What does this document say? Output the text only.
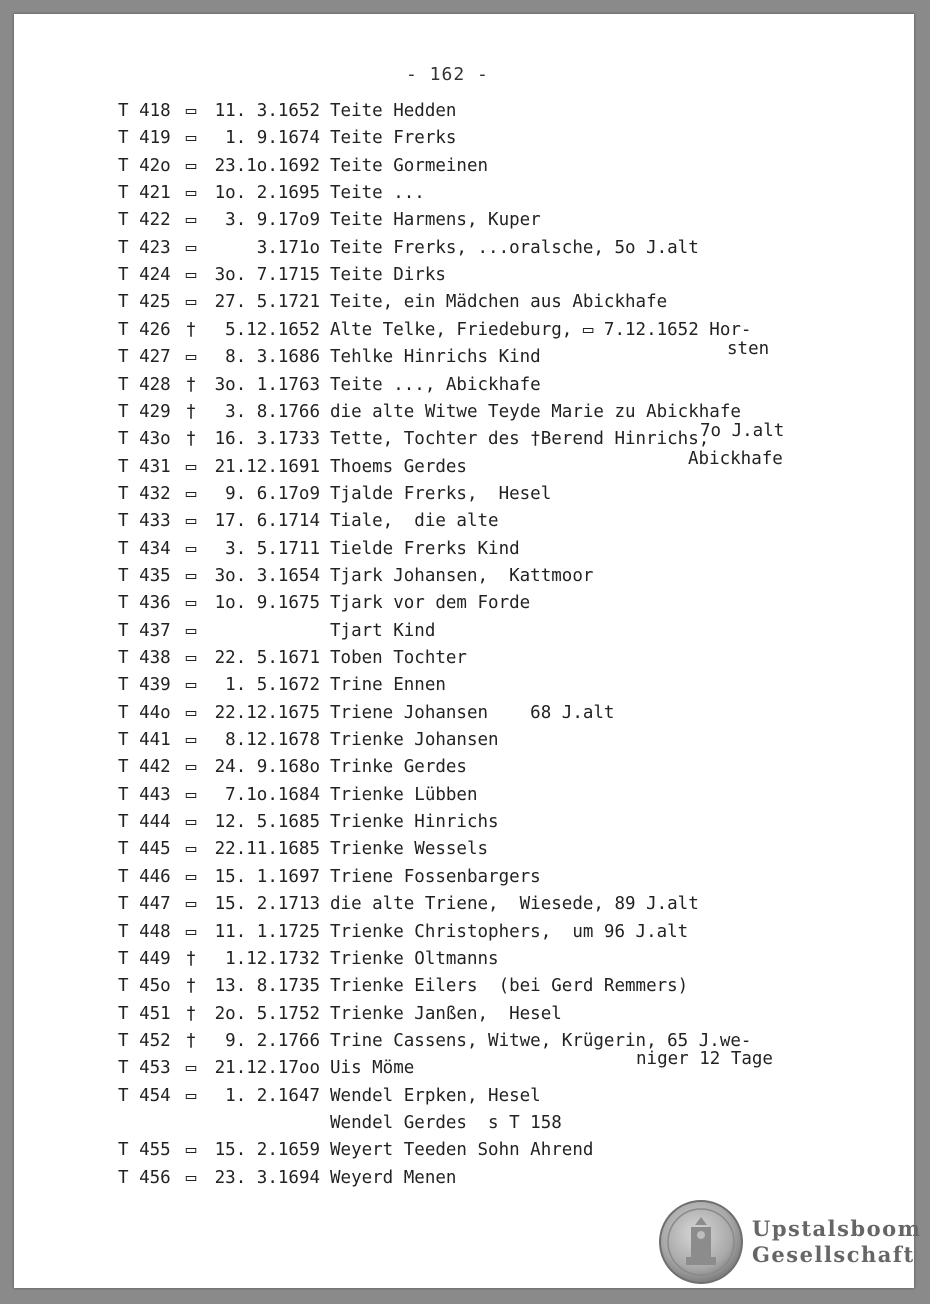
- 162 -
T 418 ▭ 11. 3.1652 Teite Hedden
T 419 ▭ 1. 9.1674 Teite Frerks
T 42o ▭ 23.1o.1692 Teite Gormeinen
T 421 ▭ 1o. 2.1695 Teite ...
T 422 ▭ 3. 9.17o9 Teite Harmens, Kuper
T 423 ▭	3.171o Teite Frerks, ...oralsche, 5o J.alt
T 424 ▭ 3o. 7.1715 Teite Dirks
T 425 ▭ 27. 5.1721 Teite, ein Mädchen aus Abickhafe
T 426 † 5.12.1652 Alte Telke, Friedeburg, ▭ 7.12.1652 Hor-
T 427 ▭ 8. 3.1686 Tehlke Hinrichs Kind
T 428 † 3o. 1.1763 Teite ..., Abickhafe
T 429 † 3. 8.1766 die alte Witwe Teyde Marie zu Abickhafe
T 43o † 16. 3.1733 Tette, Tochter des †Berend Hinrichs,
T 431 ▭ 21.12.1691 Thoems Gerdes
T 432 ▭ 9. 6.17o9 Tjalde Frerks,  Hesel
T 433 ▭ 17. 6.1714 Tiale,  die alte
T 434 ▭ 3. 5.1711 Tielde Frerks Kind
T 435 ▭ 3o. 3.1654 Tjark Johansen,  Kattmoor
T 436 ▭ 1o. 9.1675 Tjark vor dem Forde
T 437 ▭	Tjart Kind
T 438 ▭ 22. 5.1671 Toben Tochter
T 439 ▭ 1. 5.1672 Trine Ennen
T 44o ▭ 22.12.1675 Triene Johansen    68 J.alt
T 441 ▭ 8.12.1678 Trienke Johansen
T 442 ▭ 24. 9.168o Trinke Gerdes
T 443 ▭ 7.1o.1684 Trienke Lübben
T 444 ▭ 12. 5.1685 Trienke Hinrichs
T 445 ▭ 22.11.1685 Trienke Wessels
T 446 ▭ 15. 1.1697 Triene Fossenbargers
T 447 ▭ 15. 2.1713 die alte Triene,  Wiesede, 89 J.alt
T 448 ▭ 11. 1.1725 Trienke Christophers,  um 96 J.alt
T 449 † 1.12.1732 Trienke Oltmanns
T 45o † 13. 8.1735 Trienke Eilers  (bei Gerd Remmers)
T 451 † 2o. 5.1752 Trienke Janßen,  Hesel
T 452 † 9. 2.1766 Trine Cassens, Witwe, Krügerin, 65 J.we-
T 453 ▭ 21.12.17oo Uis Möme
T 454 ▭ 1. 2.1647 Wendel Erpken, Hesel
Wendel Gerdes  s T 158
T 455 ▭ 15. 2.1659 Weyert Teeden Sohn Ahrend
T 456 ▭ 23. 3.1694 Weyerd Menen
sten
7o J.alt
Abickhafe
niger 12 Tage
Upstalsboom
Gesellschaft
